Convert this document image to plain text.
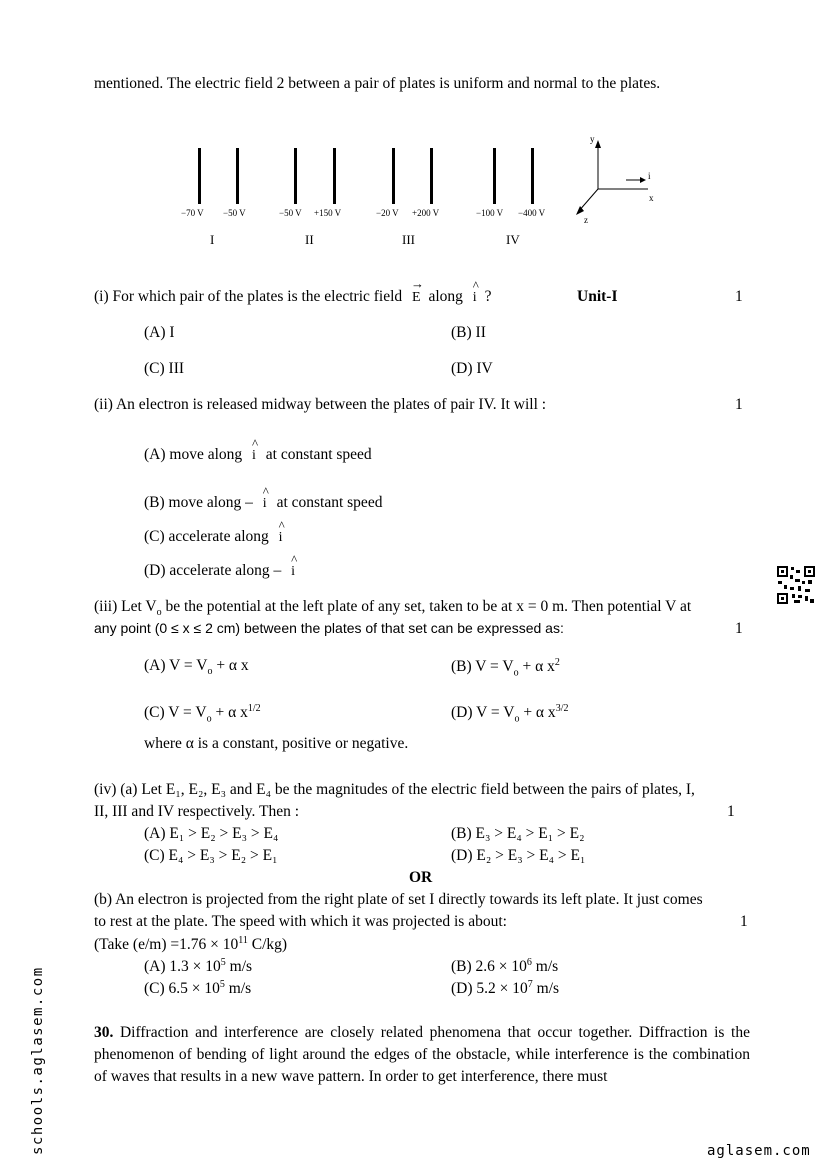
mentioned. The electric field 2 between a pair of plates is uniform and normal to the plates.
−70 V −50 V	−50 V +150 V	−20 V +200 V	−100 V −400 V
I	II	III	IV
y
x
z
i
(i) For which pair of the plates is the electric field → E along ^ i ?	Unit-I	1
(A) I	(B) II
(C) III	(D) IV
(ii) An electron is released midway between the plates of pair IV. It will :	1
(A) move along ^ i at constant speed
(B) move along – ^ i at constant speed
(C) accelerate along ^ i
(D) accelerate along – ^ i
(iii) Let $V_o$ be the potential at the left plate of any set, taken to be at x = 0 m. Then potential V at
any point (0 ≤ x ≤ 2 cm) between the plates of that set can be expressed as:	1
(A) $V = V_o + \alpha$ x	(B) $V = V_o + \alpha$ $x^2$
(C) $V = V_o + \alpha$ $x^{1/2}$	(D) $V = V_o + \alpha$ $x^{3/2}$
where α is a constant, positive or negative.
(iv) (a) Let E₁, E₂, E₃ and E₄ be the magnitudes of the electric field between the pairs of plates, I,
II, III and IV respectively. Then :	1
(A) E₁ > E₂ > E₃ > E₄	(B) E₃ > E₄ > E₁ > E₂
(C) E₄ > E₃ > E₂ > E₁	(D) E₂ > E₃ > E₄ > E₁
OR
(b) An electron is projected from the right plate of set I directly towards its left plate. It just comes
to rest at the plate. The speed with which it was projected is about:	1
(Take $(e/m) =1.76 \times 10^{11}$ C/kg)
(A) $1.3 \times 10^5$ m/s	(B) $2.6 \times 10^6$ m/s
(C) $6.5 \times 10^5$ m/s	(D) $5.2 \times 10^7$ m/s
30. Diffraction and interference are closely related phenomena that occur together. Diffraction is the phenomenon of bending of light around the edges of the obstacle, while interference is the combination of waves that results in a new wave pattern. In order to get interference, there must
schools.aglasem.com	aglasem.com
